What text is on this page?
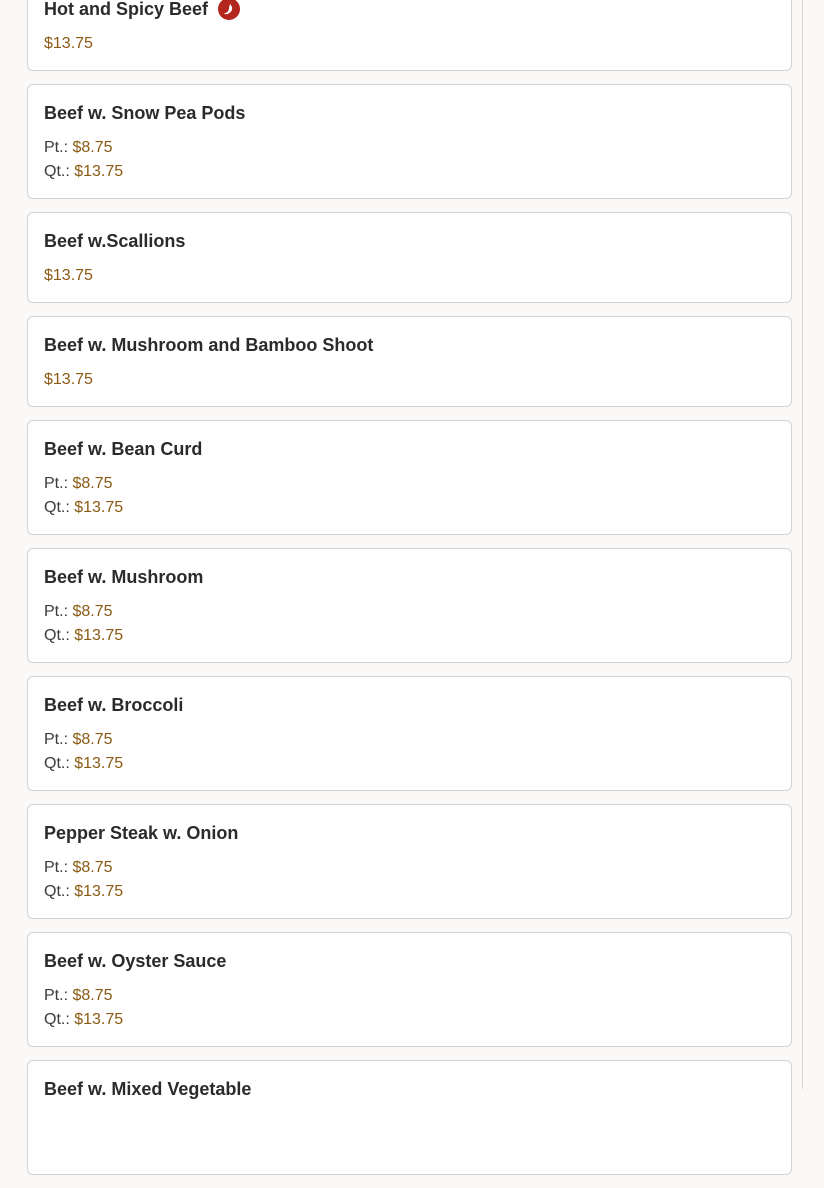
Hot and Spicy Beef
$13.75
Beef w. Snow Pea Pods
Pt.: $8.75
Qt.: $13.75
Beef w.Scallions
$13.75
Beef w. Mushroom and Bamboo Shoot
$13.75
Beef w. Bean Curd
Pt.: $8.75
Qt.: $13.75
Beef w. Mushroom
Pt.: $8.75
Qt.: $13.75
Beef w. Broccoli
Pt.: $8.75
Qt.: $13.75
Pepper Steak w. Onion
Pt.: $8.75
Qt.: $13.75
Beef w. Oyster Sauce
Pt.: $8.75
Qt.: $13.75
Beef w. Mixed Vegetable
